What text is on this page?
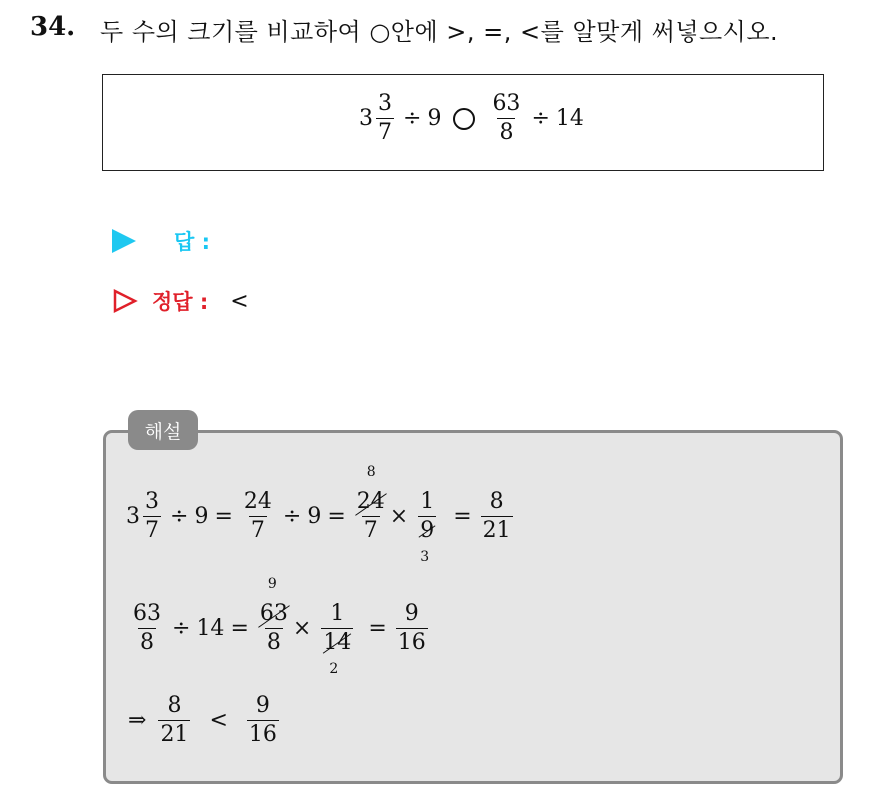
34. 두 수의 크기를 비교하여 ○안에 >, =, <를 알맞게 써넣으시오.
$3 \frac{3}{7} \div 9 \frac{63}{8} \div 14$
답 :
정답 : <
$3 \frac{3}{7} \div 9 = \frac{24}{7} \div 9$ =
8
24
7
×
1
9
3
= $\frac{8}{21}$
$\frac{63}{8} \div 14$ =
9
63
8
×
1
14
2
= $\frac{9}{16}$
⇒ $\frac{8}{21} < \frac{9}{16}$
해설
